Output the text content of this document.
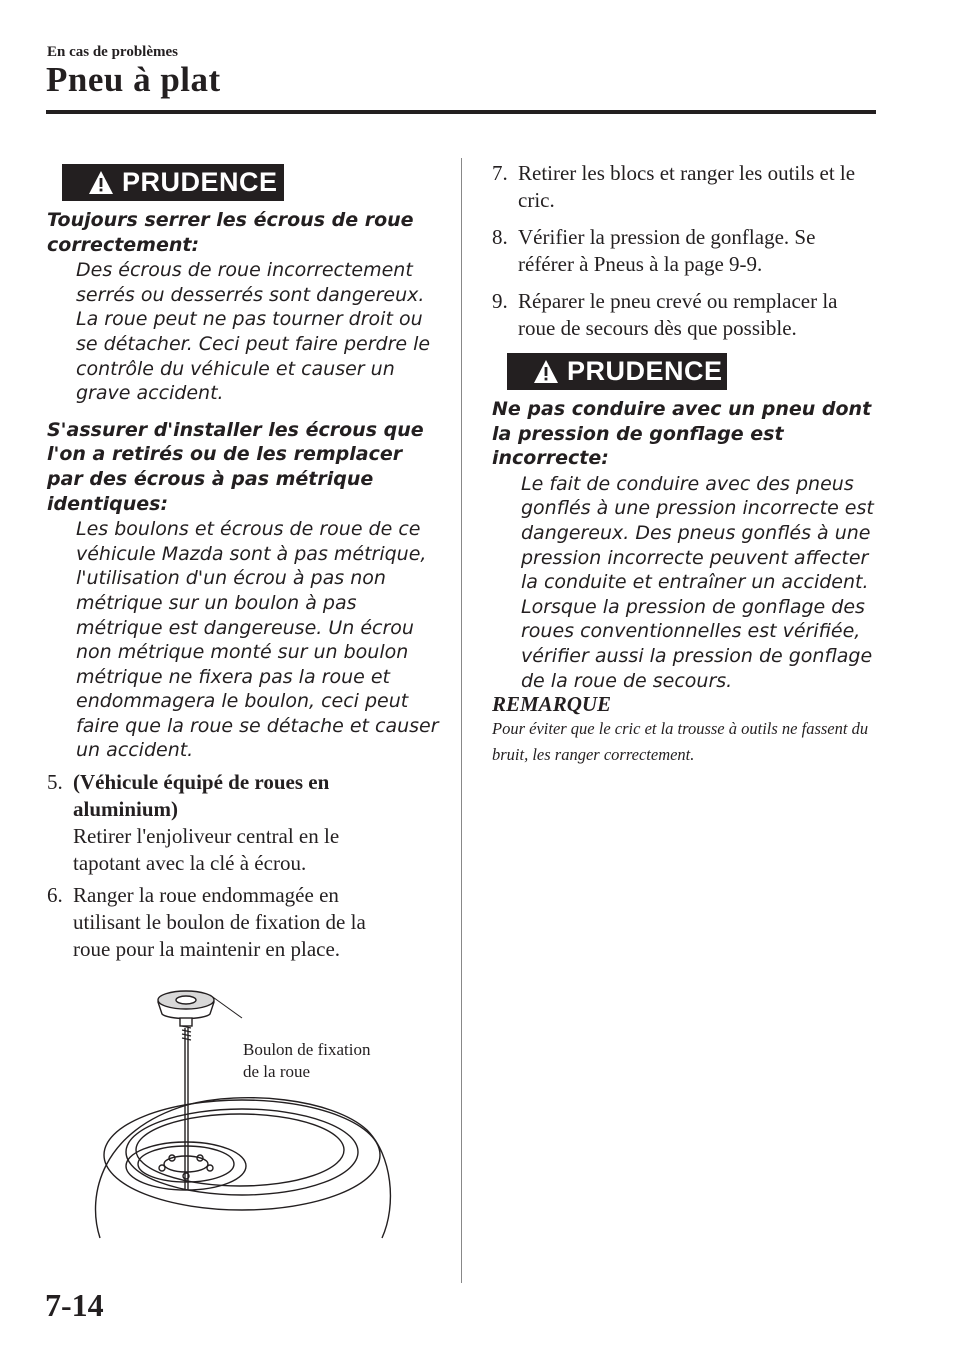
En cas de problèmes
Pneu à plat
PRUDENCE
Toujours serrer les écrous de roue correctement:
Des écrous de roue incorrectement serrés ou desserrés sont dangereux. La roue peut ne pas tourner droit ou se détacher. Ceci peut faire perdre le contrôle du véhicule et causer un grave accident.
S'assurer d'installer les écrous que l'on a retirés ou de les remplacer par des écrous à pas métrique identiques:
Les boulons et écrous de roue de ce véhicule Mazda sont à pas métrique, l'utilisation d'un écrou à pas non métrique sur un boulon à pas métrique est dangereuse. Un écrou non métrique monté sur un boulon métrique ne fixera pas la roue et endommagera le boulon, ceci peut faire que la roue se détache et causer un accident.
5. (Véhicule équipé de roues en aluminium)
Retirer l'enjoliveur central en le tapotant avec la clé à écrou.
6. Ranger la roue endommagée en utilisant le boulon de fixation de la roue pour la maintenir en place.
Boulon de fixation
de la roue
7. Retirer les blocs et ranger les outils et le cric.
8. Vérifier la pression de gonflage. Se référer à Pneus à la page 9-9.
9. Réparer le pneu crevé ou remplacer la roue de secours dès que possible.
PRUDENCE
Ne pas conduire avec un pneu dont la pression de gonflage est incorrecte:
Le fait de conduire avec des pneus gonflés à une pression incorrecte est dangereux. Des pneus gonflés à une pression incorrecte peuvent affecter la conduite et entraîner un accident. Lorsque la pression de gonflage des roues conventionnelles est vérifiée, vérifier aussi la pression de gonflage de la roue de secours.
REMARQUE
Pour éviter que le cric et la trousse à outils ne fassent du bruit, les ranger correctement.
7-14
